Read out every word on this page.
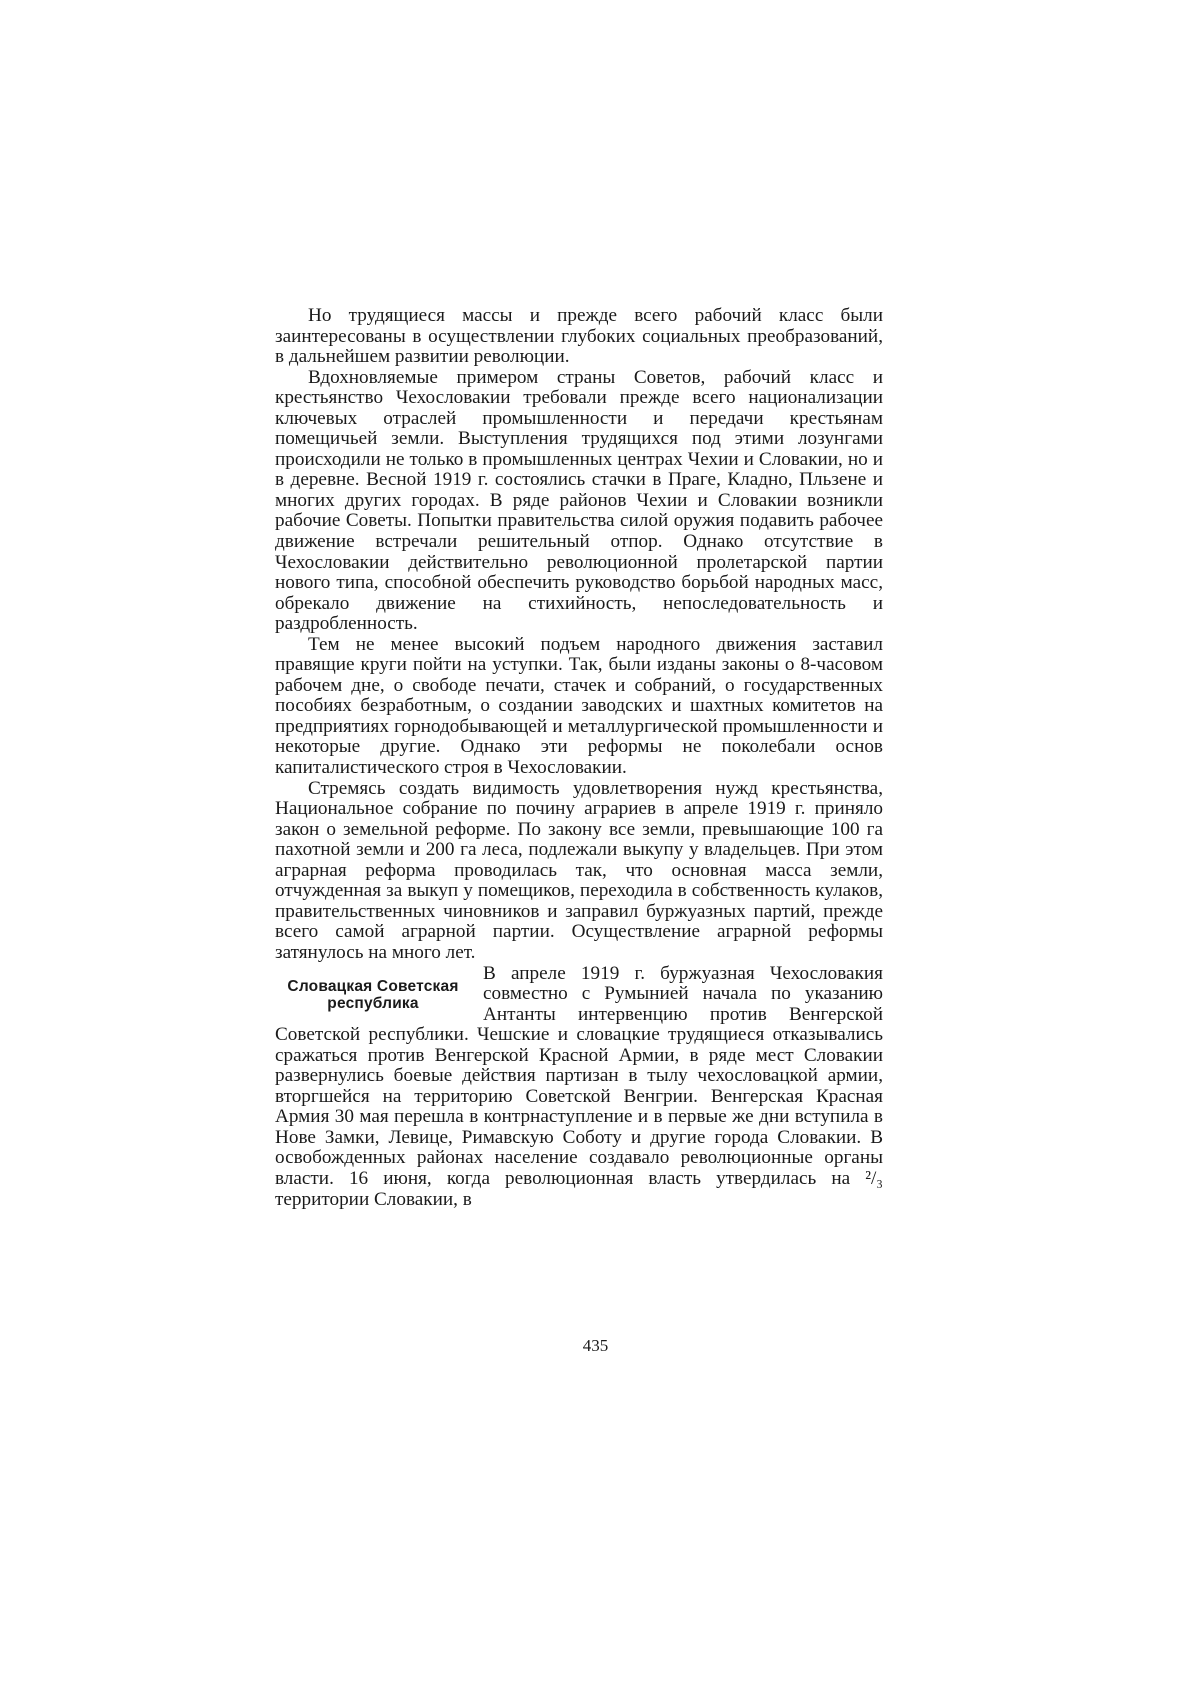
Но трудящиеся массы и прежде всего рабочий класс были заинтересованы в осуществлении глубоких социальных преобразований, в дальнейшем развитии революции.

Вдохновляемые примером страны Советов, рабочий класс и крестьянство Чехословакии требовали прежде всего национализации ключевых отраслей промышленности и передачи крестьянам помещичьей земли. Выступления трудящихся под этими лозунгами происходили не только в промышленных центрах Чехии и Словакии, но и в деревне. Весной 1919 г. состоялись стачки в Праге, Кладно, Пльзене и многих других городах. В ряде районов Чехии и Словакии возникли рабочие Советы. Попытки правительства силой оружия подавить рабочее движение встречали решительный отпор. Однако отсутствие в Чехословакии действительно революционной пролетарской партии нового типа, способной обеспечить руководство борьбой народных масс, обрекало движение на стихийность, непоследовательность и раздробленность.

Тем не менее высокий подъем народного движения заставил правящие круги пойти на уступки. Так, были изданы законы о 8-часовом рабочем дне, о свободе печати, стачек и собраний, о государственных пособиях безработным, о создании заводских и шахтных комитетов на предприятиях горнодобывающей и металлургической промышленности и некоторые другие. Однако эти реформы не поколебали основ капиталистического строя в Чехословакии.

Стремясь создать видимость удовлетворения нужд крестьянства, Национальное собрание по почину аграриев в апреле 1919 г. приняло закон о земельной реформе. По закону все земли, превышающие 100 га пахотной земли и 200 га леса, подлежали выкупу у владельцев. При этом аграрная реформа проводилась так, что основная масса земли, отчужденная за выкуп у помещиков, переходила в собственность кулаков, правительственных чиновников и заправил буржуазных партий, прежде всего самой аграрной партии. Осуществление аграрной реформы затянулось на много лет.

Словацкая Советская республика

В апреле 1919 г. буржуазная Чехословакия совместно с Румынией начала по указанию Антанты интервенцию против Венгерской Советской республики. Чешские и словацкие трудящиеся отказывались сражаться против Венгерской Красной Армии, в ряде мест Словакии развернулись боевые действия партизан в тылу чехословацкой армии, вторгшейся на территорию Советской Венгрии. Венгерская Красная Армия 30 мая перешла в контрнаступление и в первые же дни вступила в Нове Замки, Левице, Римавскую Соботу и другие города Словакии. В освобожденных районах население создавало революционные органы власти. 16 июня, когда революционная власть утвердилась на ²/₃ территории Словакии, в

435
